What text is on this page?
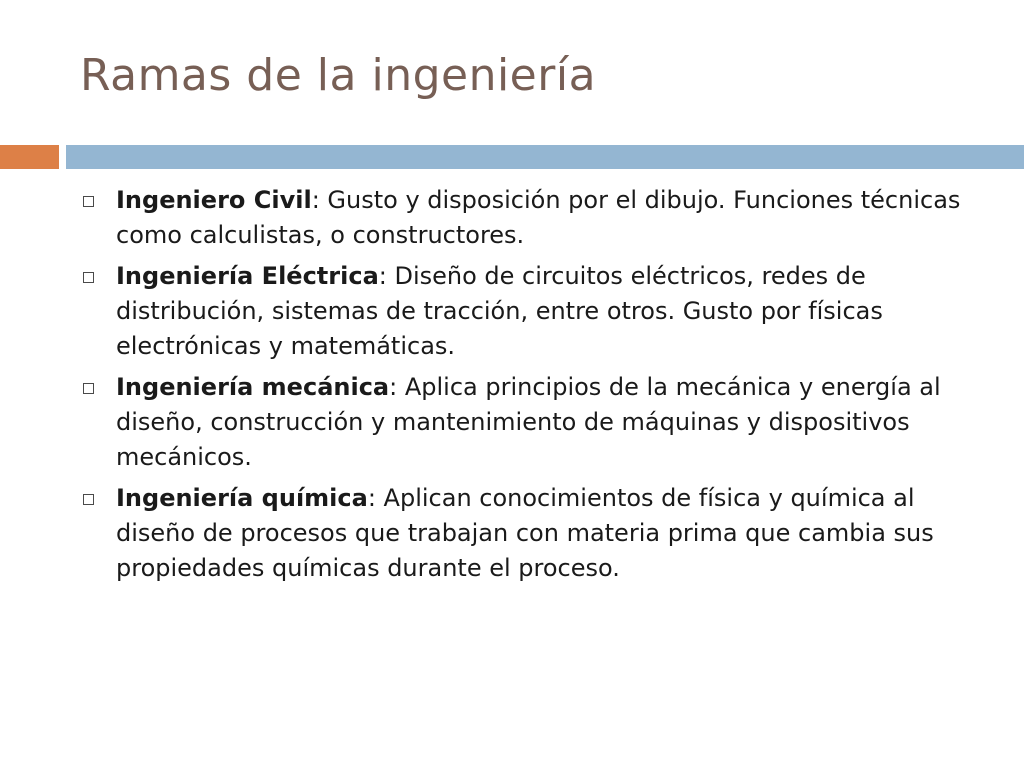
Ramas de la ingeniería
Ingeniero Civil: Gusto y disposición por el dibujo. Funciones técnicas como calculistas, o constructores.
Ingeniería Eléctrica: Diseño de circuitos eléctricos, redes de distribución, sistemas de tracción, entre otros. Gusto por físicas electrónicas y matemáticas.
Ingeniería mecánica: Aplica principios de la mecánica y energía al diseño, construcción y mantenimiento de máquinas y dispositivos mecánicos.
Ingeniería química: Aplican conocimientos de física y química al diseño de procesos que trabajan con materia prima que cambia sus propiedades químicas durante el proceso.
